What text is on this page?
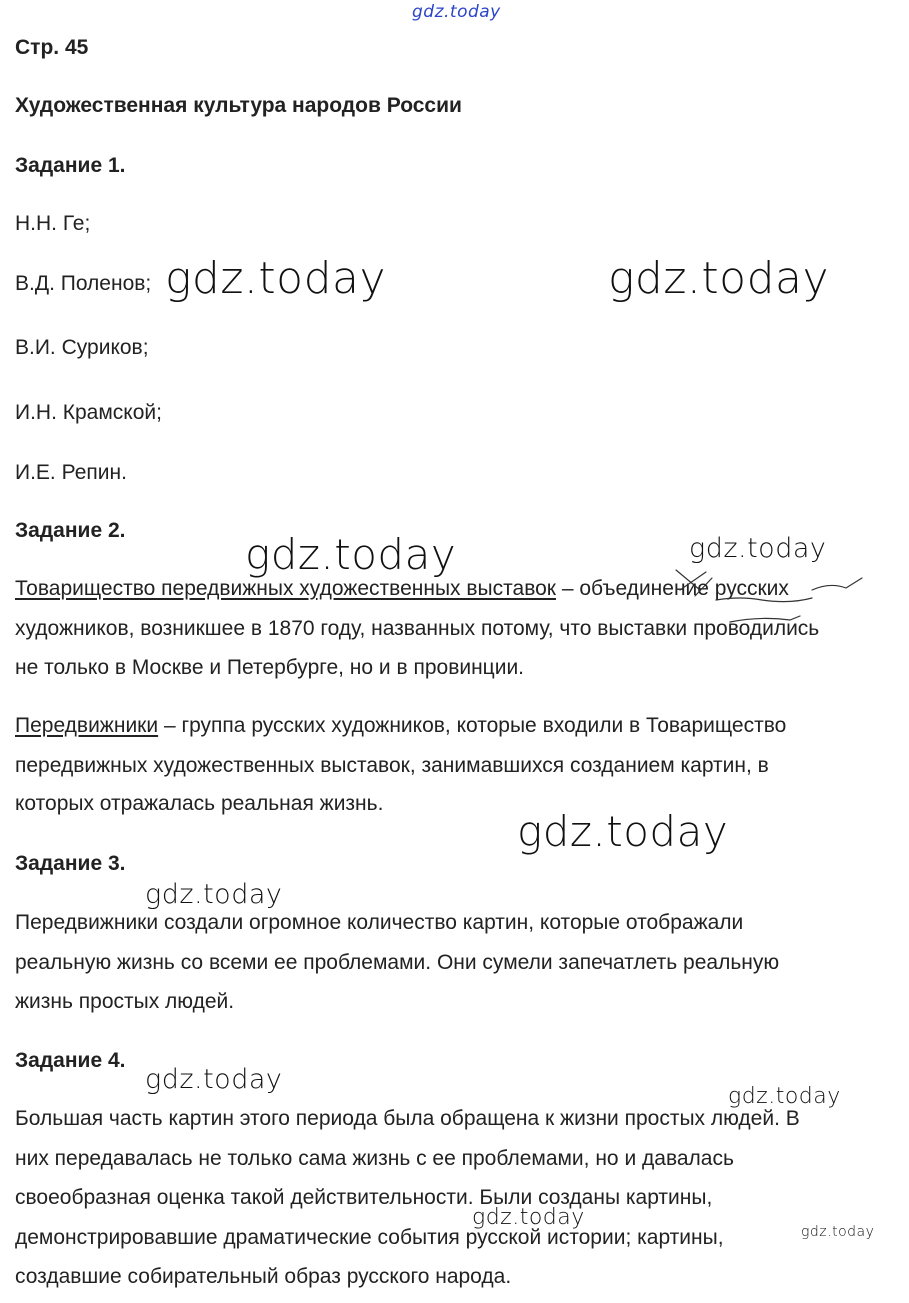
gdz.today
gdz.today	gdz.today
gdz.today	gdz.today
gdz.today
gdz.today
gdz.today
gdz.today
gdz.today
gdz.today
Стр. 45
Художественная культура народов России
Задание 1.
Н.Н. Ге;
В.Д. Поленов;
В.И. Суриков;
И.Н. Крамской;
И.Е. Репин.
Задание 2.
Товарищество передвижных художественных выставок – объединение русских
художников, возникшее в 1870 году, названных потому, что выставки проводились
не только в Москве и Петербурге, но и в провинции.
Передвижники – группа русских художников, которые входили в Товарищество
передвижных художественных выставок, занимавшихся созданием картин, в
которых отражалась реальная жизнь.
Задание 3.
Передвижники создали огромное количество картин, которые отображали
реальную жизнь со всеми ее проблемами. Они сумели запечатлеть реальную
жизнь простых людей.
Задание 4.
Большая часть картин этого периода была обращена к жизни простых людей. В
них передавалась не только сама жизнь с ее проблемами, но и давалась
своеобразная оценка такой действительности. Были созданы картины,
демонстрировавшие драматические события русской истории; картины,
создавшие собирательный образ русского народа.
